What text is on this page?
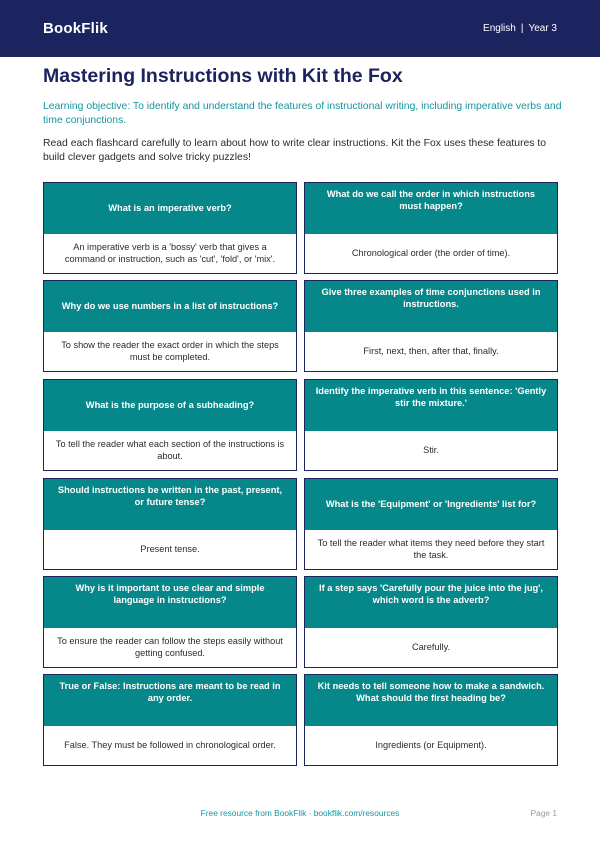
BookFlik	English | Year 3
Mastering Instructions with Kit the Fox

Learning objective: To identify and understand the features of instructional writing, including imperative verbs and time conjunctions.

Read each flashcard carefully to learn about how to write clear instructions. Kit the Fox uses these features to build clever gadgets and solve tricky puzzles!

What is an imperative verb?
An imperative verb is a 'bossy' verb that gives a command or instruction, such as 'cut', 'fold', or 'mix'.
What do we call the order in which instructions must happen?
Chronological order (the order of time).
Why do we use numbers in a list of instructions?
To show the reader the exact order in which the steps must be completed.
Give three examples of time conjunctions used in instructions.
First, next, then, after that, finally.
What is the purpose of a subheading?
To tell the reader what each section of the instructions is about.
Identify the imperative verb in this sentence: 'Gently stir the mixture.'
Stir.
Should instructions be written in the past, present, or future tense?
Present tense.
What is the 'Equipment' or 'Ingredients' list for?
To tell the reader what items they need before they start the task.
Why is it important to use clear and simple language in instructions?
To ensure the reader can follow the steps easily without getting confused.
If a step says 'Carefully pour the juice into the jug', which word is the adverb?
Carefully.
True or False: Instructions are meant to be read in any order.
False. They must be followed in chronological order.
Kit needs to tell someone how to make a sandwich. What should the first heading be?
Ingredients (or Equipment).
Free resource from BookFlik · bookflik.com/resources	Page 1
